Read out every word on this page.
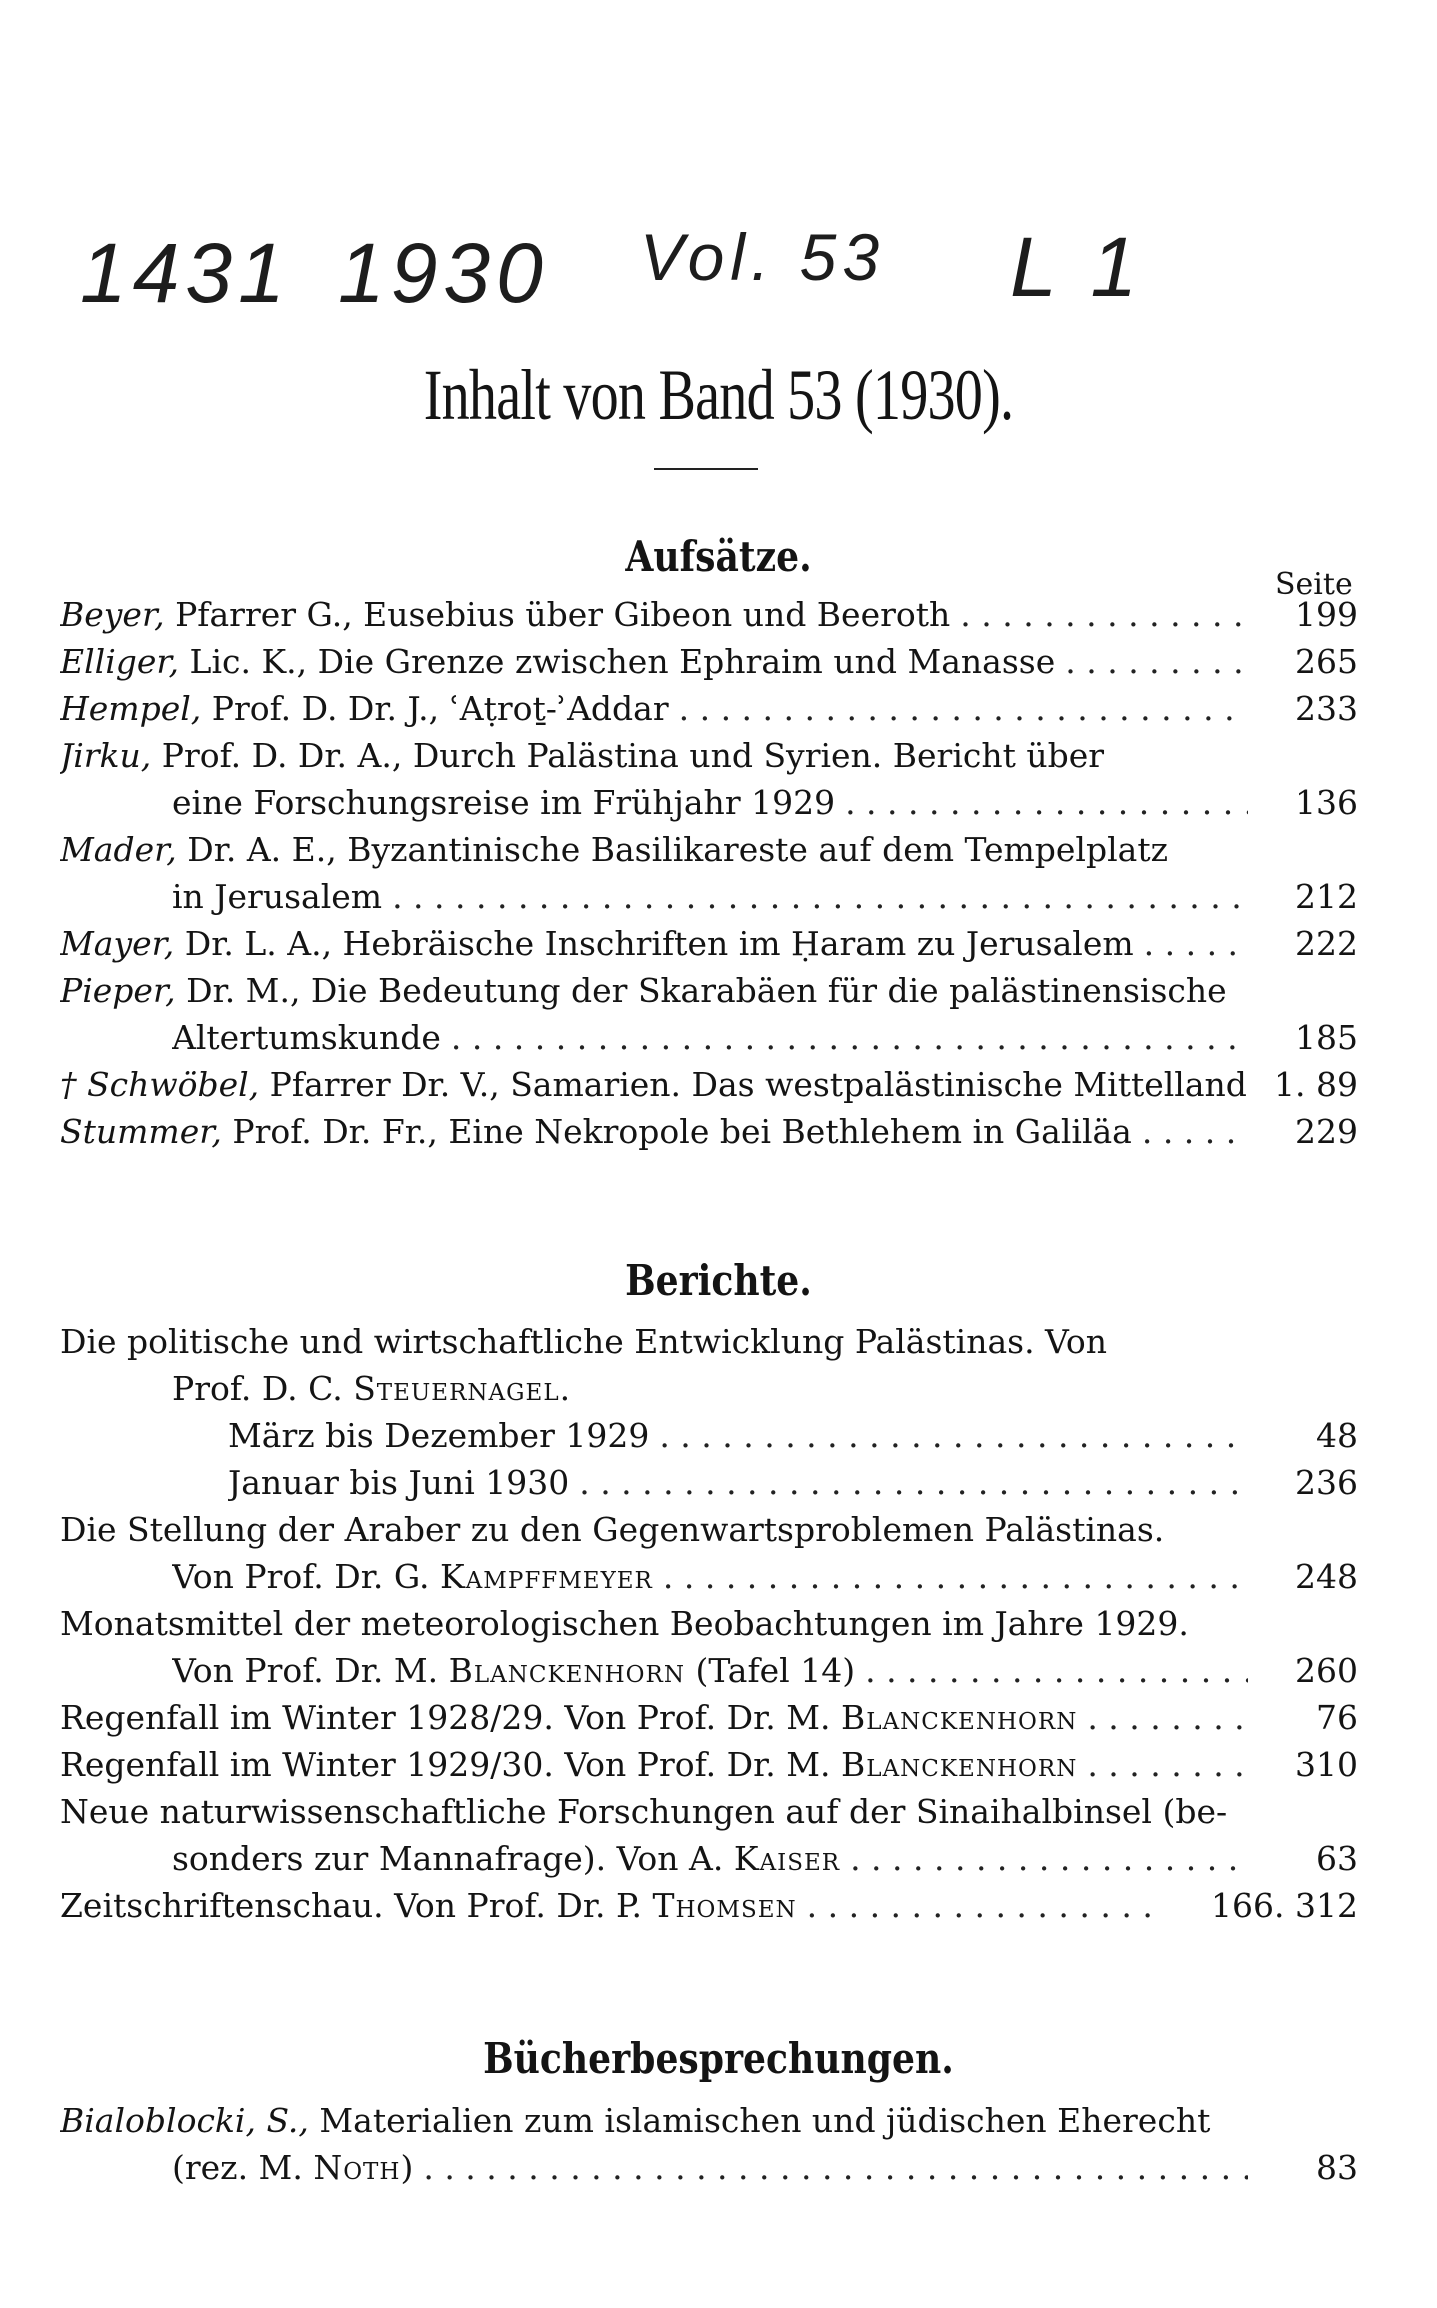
1431 1930 Vol. 53 L 1
Inhalt von Band 53 (1930).
Aufsätze.
Seite
Beyer, Pfarrer G., Eusebius über Gibeon und Beeroth . . .	199
Elliger, Lic. K., Die Grenze zwischen Ephraim und Manasse . . .	265
Hempel, Prof. D. Dr. J., ʿAṭroṯ-ʾAddar . . .	233
Jirku, Prof. D. Dr. A., Durch Palästina und Syrien. Bericht über
eine Forschungsreise im Frühjahr 1929 . . .	136
Mader, Dr. A. E., Byzantinische Basilikareste auf dem Tempelplatz
in Jerusalem . . .	212
Mayer, Dr. L. A., Hebräische Inschriften im Ḥaram zu Jerusalem . . .	222
Pieper, Dr. M., Die Bedeutung der Skarabäen für die palästinensische
Altertumskunde . . .	185
† Schwöbel, Pfarrer Dr. V., Samarien. Das westpalästinische Mittelland 1. 89
Stummer, Prof. Dr. Fr., Eine Nekropole bei Bethlehem in Galiläa . . .	229
Berichte.
Die politische und wirtschaftliche Entwicklung Palästinas. Von
Prof. D. C. Steuernagel.
März bis Dezember 1929 . . .	48
Januar bis Juni 1930 . . .	236
Die Stellung der Araber zu den Gegenwartsproblemen Palästinas.
Von Prof. Dr. G. Kampffmeyer . . .	248
Monatsmittel der meteorologischen Beobachtungen im Jahre 1929.
Von Prof. Dr. M. Blanckenhorn (Tafel 14) . . .	260
Regenfall im Winter 1928/29. Von Prof. Dr. M. Blanckenhorn . . .	76
Regenfall im Winter 1929/30. Von Prof. Dr. M. Blanckenhorn . . .	310
Neue naturwissenschaftliche Forschungen auf der Sinaihalbinsel (be-
sonders zur Mannafrage). Von A. Kaiser . . .	63
Zeitschriftenschau. Von Prof. Dr. P. Thomsen . . .	166. 312
Bücherbesprechungen.
Bialoblocki, S., Materialien zum islamischen und jüdischen Eherecht
(rez. M. Noth) . . .	83
